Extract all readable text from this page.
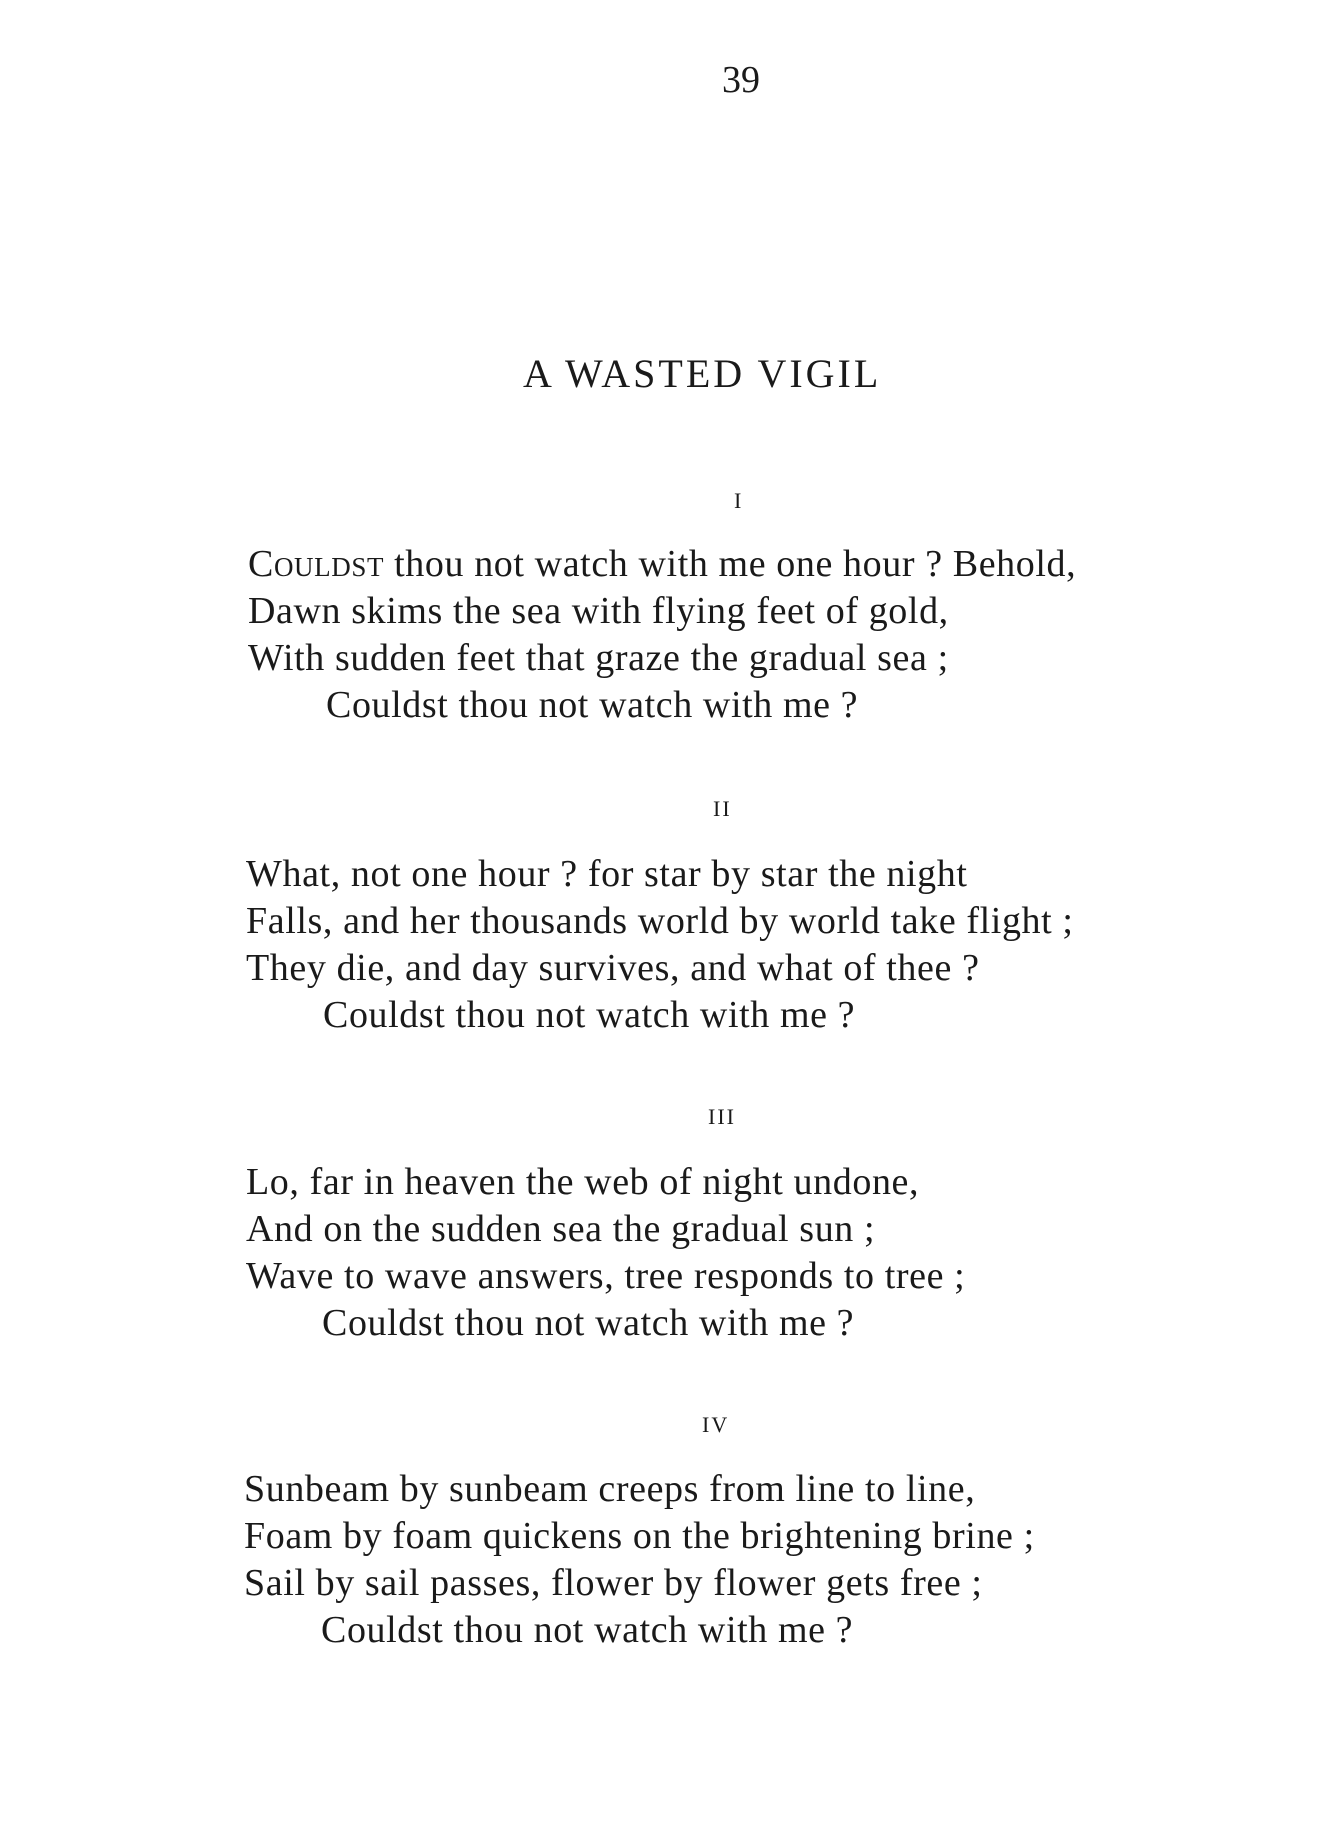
39
A WASTED VIGIL
I
Couldst thou not watch with me one hour ? Behold,
Dawn skims the sea with flying feet of gold,
With sudden feet that graze the gradual sea ;
Couldst thou not watch with me ?
II
What, not one hour ? for star by star the night
Falls, and her thousands world by world take flight ;
They die, and day survives, and what of thee ?
Couldst thou not watch with me ?
III
Lo, far in heaven the web of night undone,
And on the sudden sea the gradual sun ;
Wave to wave answers, tree responds to tree ;
Couldst thou not watch with me ?
IV
Sunbeam by sunbeam creeps from line to line,
Foam by foam quickens on the brightening brine ;
Sail by sail passes, flower by flower gets free ;
Couldst thou not watch with me ?
